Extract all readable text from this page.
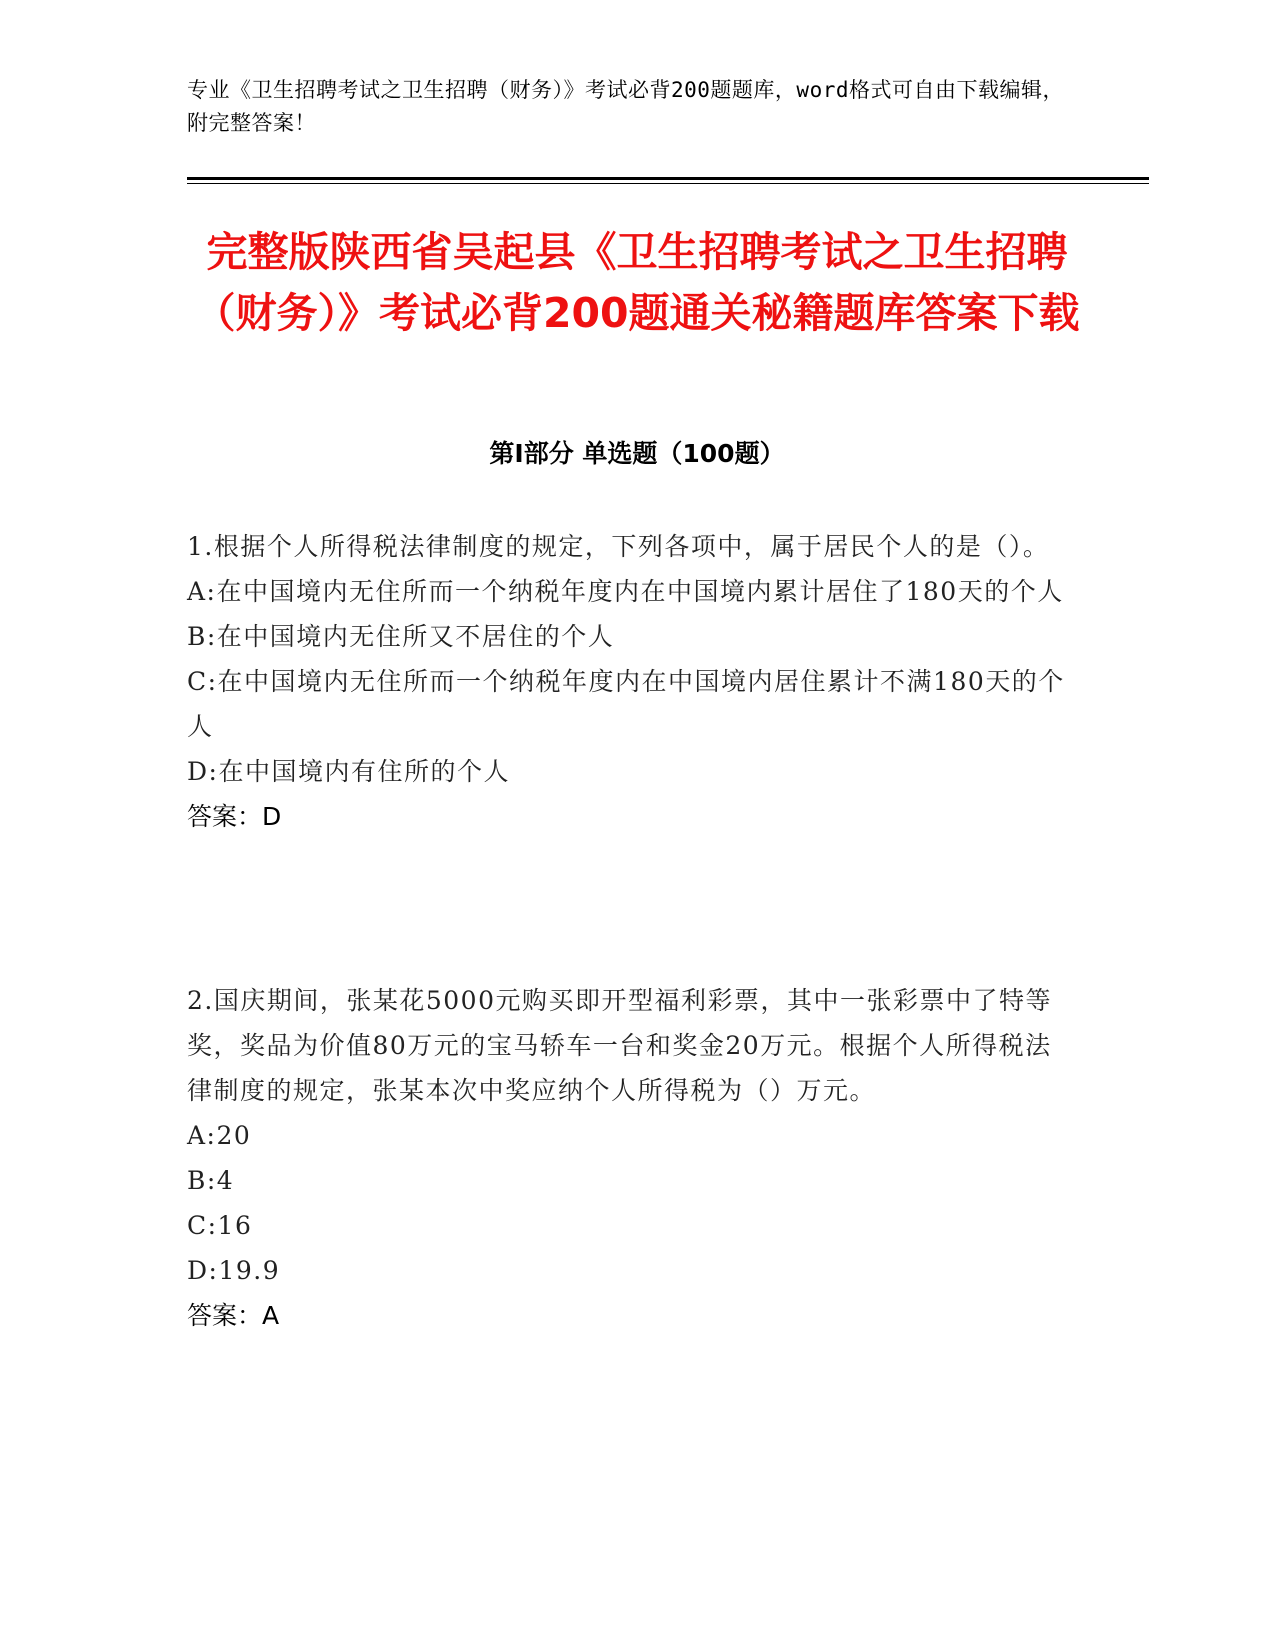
专业《卫生招聘考试之卫生招聘（财务）》考试必背200题题库，word格式可自由下载编辑，附完整答案！

完整版陕西省吴起县《卫生招聘考试之卫生招聘（财务）》考试必背200题通关秘籍题库答案下载
第I部分 单选题（100题）

1.根据个人所得税法律制度的规定，下列各项中，属于居民个人的是（）。

A:在中国境内无住所而一个纳税年度内在中国境内累计居住了180天的个人

B:在中国境内无住所又不居住的个人

C:在中国境内无住所而一个纳税年度内在中国境内居住累计不满180天的个人

D:在中国境内有住所的个人

答案：D

2.国庆期间，张某花5000元购买即开型福利彩票，其中一张彩票中了特等奖，奖品为价值80万元的宝马轿车一台和奖金20万元。根据个人所得税法律制度的规定，张某本次中奖应纳个人所得税为（）万元。

A:20

B:4

C:16

D:19.9

答案：A
